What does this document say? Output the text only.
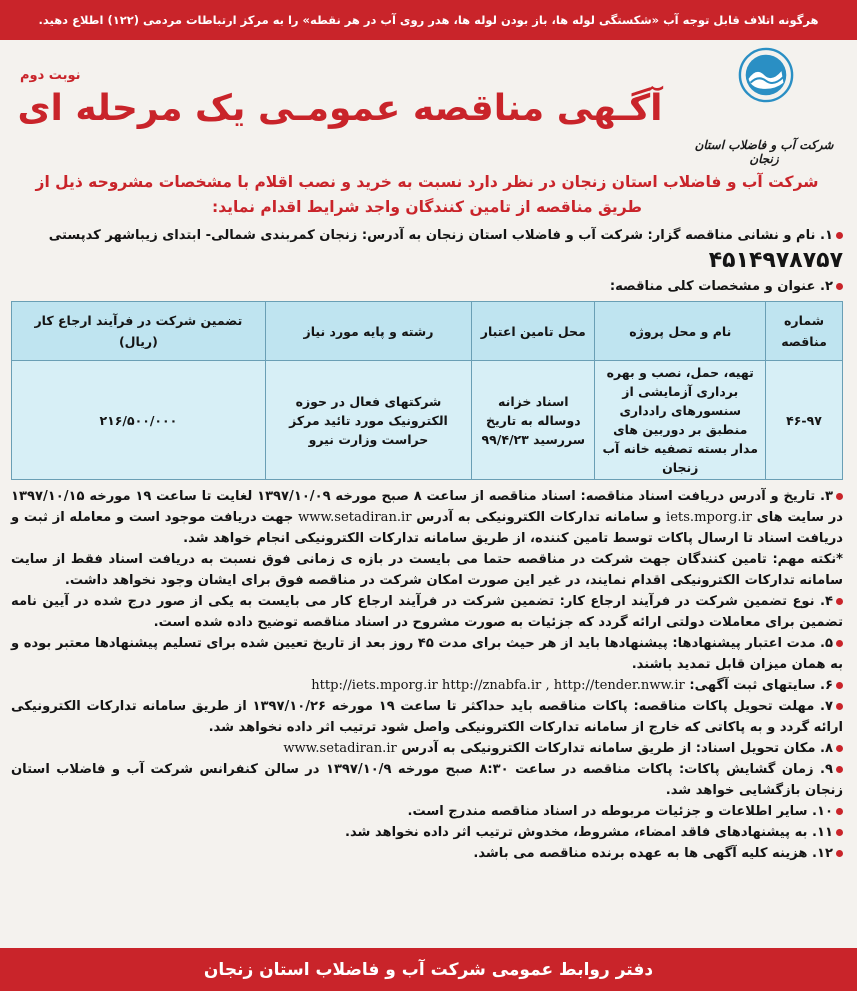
هرگونه اتلاف قابل توجه آب «شکستگی لوله ها، باز بودن لوله ها، هدر روی آب در هر نقطه» را به مرکز ارتباطات مردمی (۱۲۲) اطلاع دهید.
شرکت آب و فاضلاب استان زنجان
نوبت دوم
آگـهی مناقصه عمومـی یک مرحله ای
شرکت آب و فاضلاب استان زنجان در نظر دارد نسبت به خرید و نصب اقلام با مشخصات مشروحه ذیل از طریق مناقصه از تامین کنندگان واجد شرایط اقدام نماید:

۱. نام و نشانی مناقصه گزار: شرکت آب و فاضلاب استان زنجان به آدرس: زنجان کمربندی شمالی- ابتدای زیباشهر کدپستی

۴۵۱۴۹۷۸۷۵۷

۲. عنوان و مشخصات کلی مناقصه:

شماره مناقصه	نام و محل پروژه	محل تامین اعتبار	رشته و پایه مورد نیاز	تضمین شرکت در فرآیند ارجاع کار (ریال)
۴۶-۹۷	تهیه، حمل، نصب و بهره برداری آزمایشی از سنسورهای رادداری منطبق بر دوربین های مدار بسته تصفیه خانه آب زنجان	اسناد خزانه دوساله به تاریخ سررسید ۹۹/۴/۲۳	شرکتهای فعال در حوزه الکترونیک مورد تائید مرکز حراست وزارت نیرو	۲۱۶/۵۰۰/۰۰۰

۳. تاریخ و آدرس دریافت اسناد مناقصه: اسناد مناقصه از ساعت ۸ صبح مورخه ۱۳۹۷/۱۰/۰۹ لغایت تا ساعت ۱۹ مورخه ۱۳۹۷/۱۰/۱۵ در سایت های iets.mporg.ir و سامانه تدارکات الکترونیکی به آدرس www.setadiran.ir جهت دریافت موجود است و معامله از ثبت و دریافت اسناد تا ارسال پاکات توسط تامین کننده، از طریق سامانه تدارکات الکترونیکی انجام خواهد شد.

*نکته مهم: تامین کنندگان جهت شرکت در مناقصه حتما می بایست در بازه ی زمانی فوق نسبت به دریافت اسناد فقط از سایت سامانه تدارکات الکترونیکی اقدام نمایند، در غیر این صورت امکان شرکت در مناقصه فوق برای ایشان وجود نخواهد داشت.

۴. نوع تضمین شرکت در فرآیند ارجاع کار: تضمین شرکت در فرآیند ارجاع کار می بایست به یکی از صور درج شده در آیین نامه تضمین برای معاملات دولتی ارائه گردد که جزئیات به صورت مشروح در اسناد مناقصه توضیح داده شده است.

۵. مدت اعتبار پیشنهادها: پیشنهادها باید از هر حیث برای مدت ۴۵ روز بعد از تاریخ تعیین شده برای تسلیم پیشنهادها معتبر بوده و به همان میزان قابل تمدید باشند.

۶. سایتهای ثبت آگهی: http://iets.mporg.ir http://znabfa.ir , http://tender.nww.ir

۷. مهلت تحویل پاکات مناقصه: پاکات مناقصه باید حداکثر تا ساعت ۱۹ مورخه ۱۳۹۷/۱۰/۲۶ از طریق سامانه تدارکات الکترونیکی ارائه گردد و به پاکاتی که خارج از سامانه تدارکات الکترونیکی واصل شود ترتیب اثر داده نخواهد شد.

۸. مکان تحویل اسناد: از طریق سامانه تدارکات الکترونیکی به آدرس www.setadiran.ir

۹. زمان گشایش پاکات: پاکات مناقصه در ساعت ۸:۳۰ صبح مورخه ۱۳۹۷/۱۰/۹ در سالن کنفرانس شرکت آب و فاضلاب استان زنجان بازگشایی خواهد شد.

۱۰. سایر اطلاعات و جزئیات مربوطه در اسناد مناقصه مندرج است.

۱۱. به پیشنهادهای فاقد امضاء، مشروط، مخدوش ترتیب اثر داده نخواهد شد.

۱۲. هزینه کلیه آگهی ها به عهده برنده مناقصه می باشد.

دفتر روابط عمومی شرکت آب و فاضلاب استان زنجان
